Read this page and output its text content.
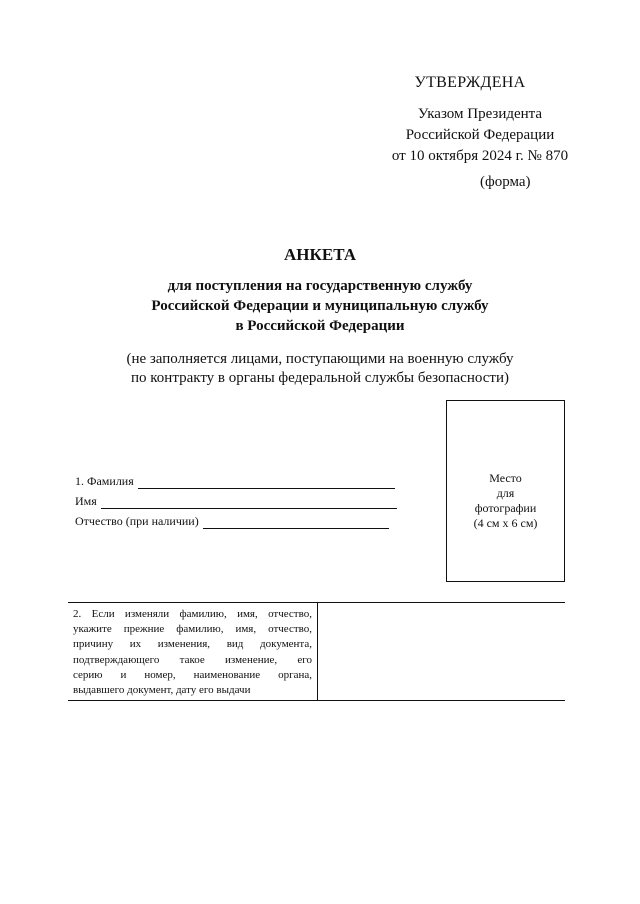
УТВЕРЖДЕНА
Указом Президента
Российской Федерации
от 10 октября 2024 г. № 870
(форма)
АНКЕТА
для поступления на государственную службу
Российской Федерации и муниципальную службу
в Российской Федерации
(не заполняется лицами, поступающими на военную службу
по контракту в органы федеральной службы безопасности)
Место
для
фотографии
(4 см х 6 см)
1. Фамилия
Имя
Отчество (при наличии)
2. Если изменяли фамилию, имя, отчество,
укажите прежние фамилию, имя, отчество,
причину их изменения, вид документа,
подтверждающего такое изменение, его
серию и номер, наименование органа,
выдавшего документ, дату его выдачи
